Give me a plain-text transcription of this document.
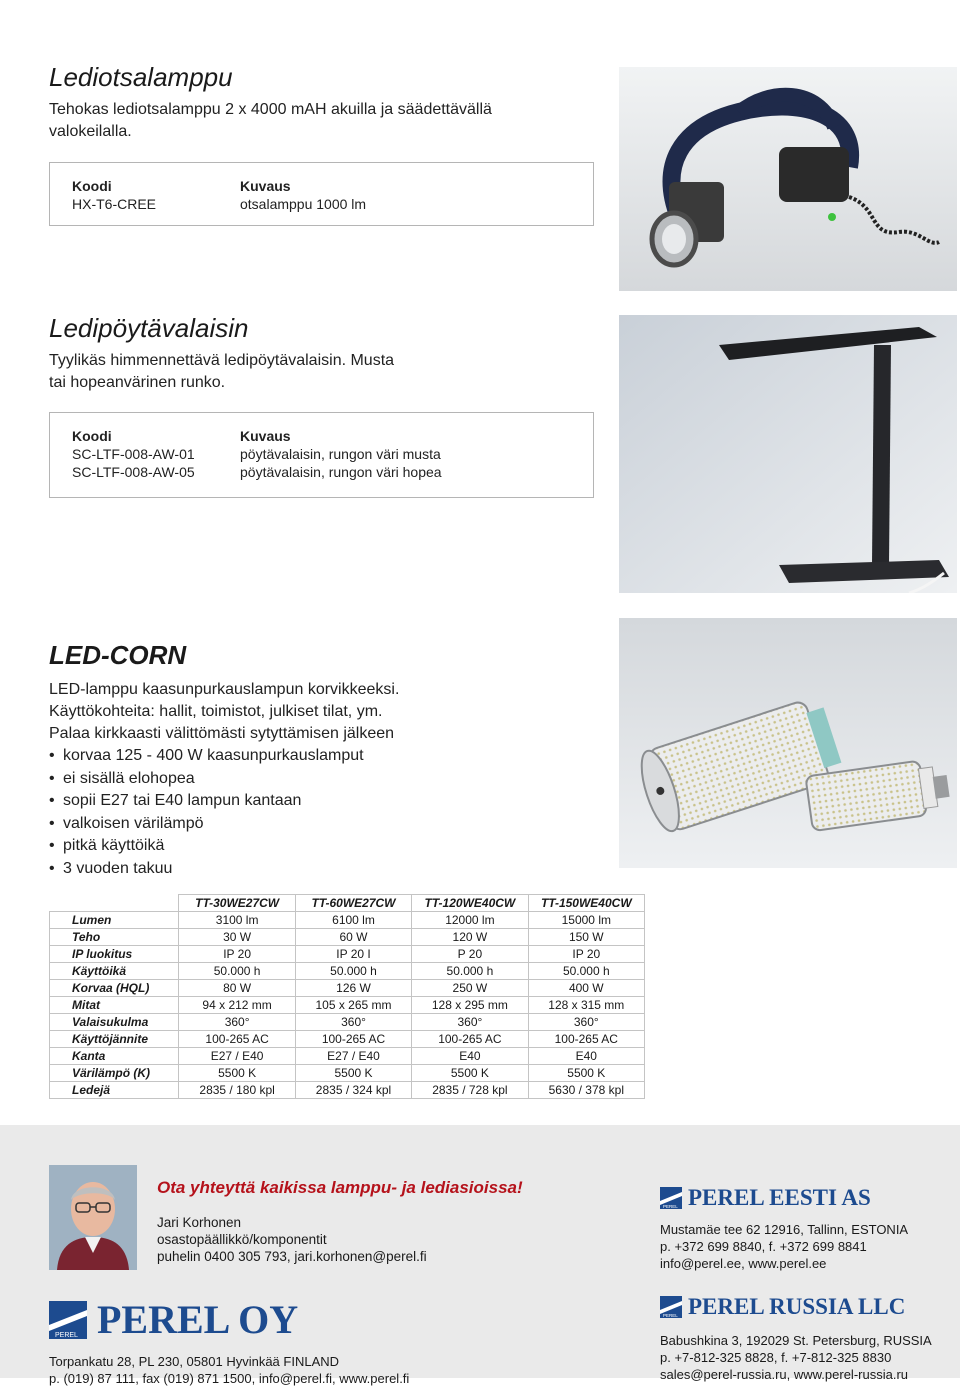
Lediotsalamppu
Tehokas lediotsalamppu 2 x 4000 mAH akuilla ja säädettävällä valokeilalla.
Koodi	Kuvaus
HX-T6-CREE	otsalamppu 1000 lm
Ledipöytävalaisin
Tyylikäs himmennettävä ledipöytävalaisin. Musta tai hopeanvärinen runko.
Koodi	Kuvaus
SC-LTF-008-AW-01	pöytävalaisin, rungon väri musta
SC-LTF-008-AW-05	pöytävalaisin, rungon väri hopea
LED-CORN
LED-lamppu kaasunpurkauslampun korvikkeeksi.
Käyttökohteita: hallit, toimistot, julkiset tilat, ym.
Palaa kirkkaasti välittömästi sytyttämisen jälkeen
• korvaa 125 - 400 W kaasunpurkauslamput
• ei sisällä elohopea
• sopii E27 tai E40 lampun kantaan
• valkoisen värilämpö
• pitkä käyttöikä
• 3 vuoden takuu
	TT-30WE27CW	TT-60WE27CW	TT-120WE40CW	TT-150WE40CW
Lumen	3100 lm	6100 lm	12000 lm	15000 lm
Teho	30 W	60 W	120 W	150 W
IP luokitus	IP 20	IP 20 I	P 20	IP 20
Käyttöikä	50.000 h	50.000 h	50.000 h	50.000 h
Korvaa (HQL)	80 W	126 W	250 W	400 W
Mitat	94 x 212 mm	105 x 265 mm	128 x 295 mm	128 x 315 mm
Valaisukulma	360°	360°	360°	360°
Käyttöjännite	100-265 AC	100-265 AC	100-265 AC	100-265 AC
Kanta	E27 / E40	E27 / E40	E40	E40
Värilämpö (K)	5500 K	5500 K	5500 K	5500 K
Ledejä	2835 / 180 kpl	2835 / 324 kpl	2835 / 728 kpl	5630 / 378 kpl
Ota yhteyttä kaikissa lamppu- ja lediasioissa!
Jari Korhonen
osastopäällikkö/komponentit
puhelin 0400 305 793, jari.korhonen@perel.fi
PEREL PEREL EESTI AS
Mustamäe tee 62 12916, Tallinn, ESTONIA
p. +372 699 8840, f. +372 699 8841
info@perel.ee, www.perel.ee
PEREL PEREL OY
Torpankatu 28, PL 230, 05801 Hyvinkää FINLAND
p. (019) 87 111, fax (019) 871 1500, info@perel.fi, www.perel.fi
PEREL PEREL RUSSIA LLC
Babushkina 3, 192029 St. Petersburg, RUSSIA
p. +7-812-325 8828, f. +7-812-325 8830
sales@perel-russia.ru, www.perel-russia.ru
